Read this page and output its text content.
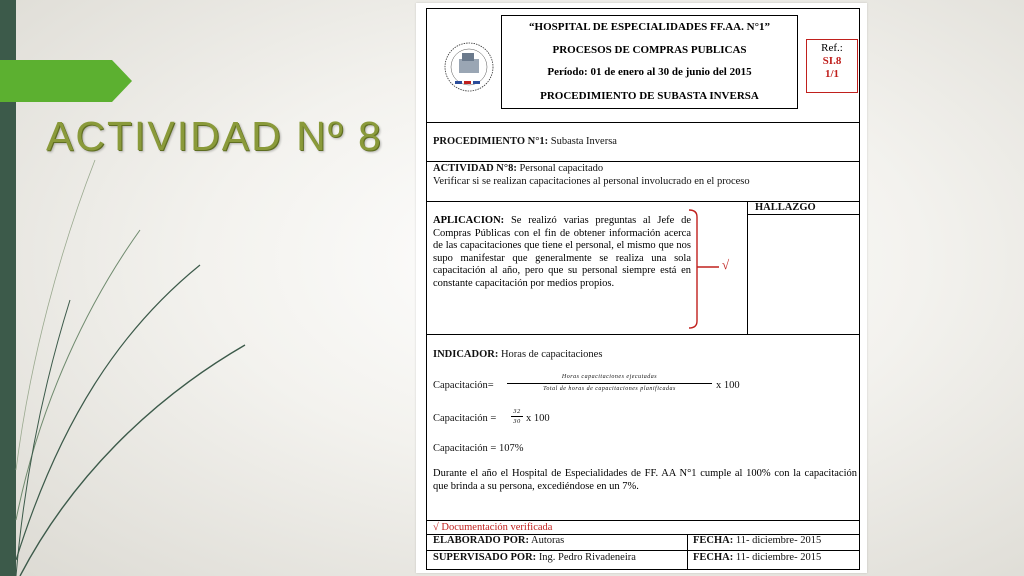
ACTIVIDAD Nº 8
“HOSPITAL DE ESPECIALIDADES FF.AA. N°1”
PROCESOS DE COMPRAS PUBLICAS
Período: 01 de enero al 30 de junio del 2015
PROCEDIMIENTO DE SUBASTA INVERSA
Ref.:
SI.8
1/1
PROCEDIMIENTO N°1: Subasta Inversa
ACTIVIDAD N°8: Personal capacitado
Verificar si se realizan capacitaciones al personal involucrado en el proceso
HALLAZGO
APLICACION: Se realizó varias preguntas al Jefe de Compras Públicas con el fin de obtener información acerca de las capacitaciones que tiene el personal, el mismo que nos supo manifestar que generalmente se realiza una sola capacitación al año, pero que su personal siempre está en constante capacitación por medios propios.
√
INDICADOR: Horas de capacitaciones
Capacitación=
Horas capacitaciones ejecutadas
Total de horas de capacitaciones planificadas	x 100
Capacitación =
32
30 x 100
Capacitación = 107%
Durante el año el Hospital de Especialidades de FF. AA N°1 cumple al 100% con la capacitación que brinda a su persona, excediéndose en un 7%.
√ Documentación verificada
ELABORADO POR: Autoras	FECHA: 11- diciembre- 2015
SUPERVISADO POR: Ing. Pedro Rivadeneira	FECHA: 11- diciembre- 2015
